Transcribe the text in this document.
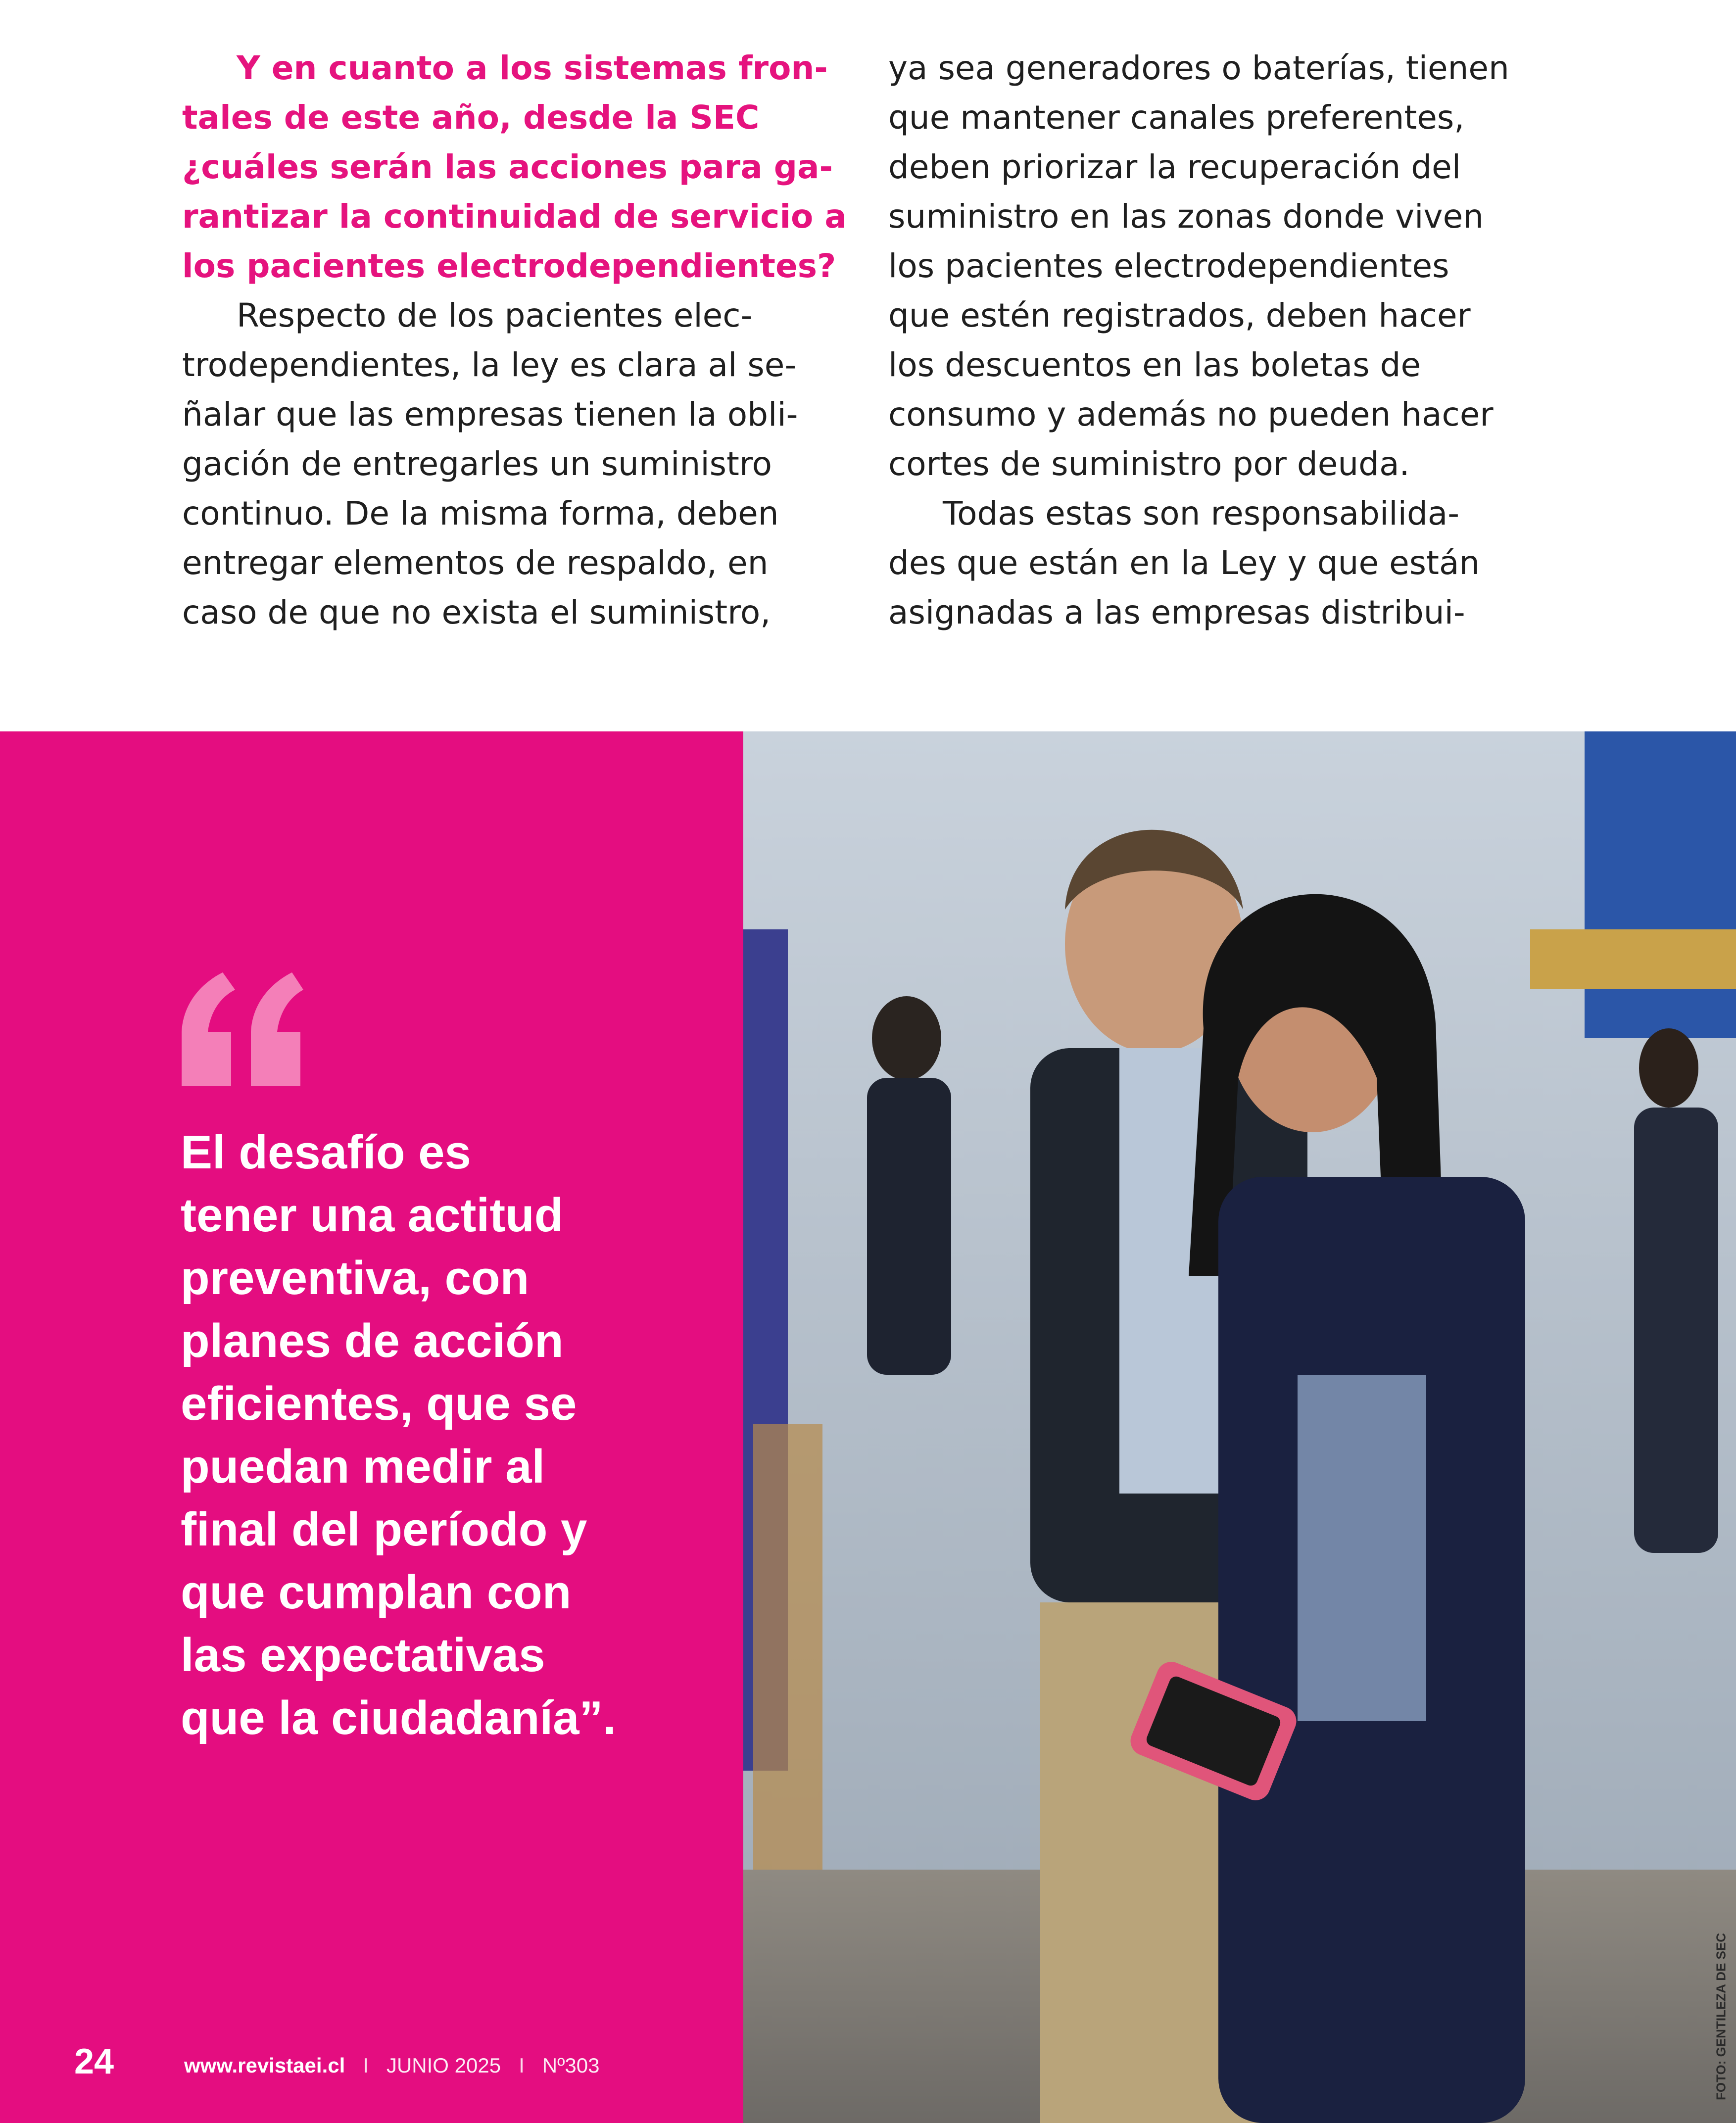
Y en cuanto a los sistemas fron-
tales de este año, desde la SEC
¿cuáles serán las acciones para ga-
rantizar la continuidad de servicio a
los pacientes electrodependientes?
Respecto de los pacientes elec-
trodependientes, la ley es clara al se-
ñalar que las empresas tienen la obli-
gación de entregarles un suministro
continuo. De la misma forma, deben
entregar elementos de respaldo, en
caso de que no exista el suministro,
ya sea generadores o baterías, tienen
que mantener canales preferentes,
deben priorizar la recuperación del
suministro en las zonas donde viven
los pacientes electrodependientes
que estén registrados, deben hacer
los descuentos en las boletas de
consumo y además no pueden hacer
cortes de suministro por deuda.
Todas estas son responsabilida-
des que están en la Ley y que están
asignadas a las empresas distribui-
El desafío es
tener una actitud
preventiva, con
planes de acción
eficientes, que se
puedan medir al
final del período y
que cumplan con
las expectativas
que la ciudadanía”.
FOTO: GENTILEZA DE SEC
24	www.revistaei.cl I JUNIO 2025 I Nº303
